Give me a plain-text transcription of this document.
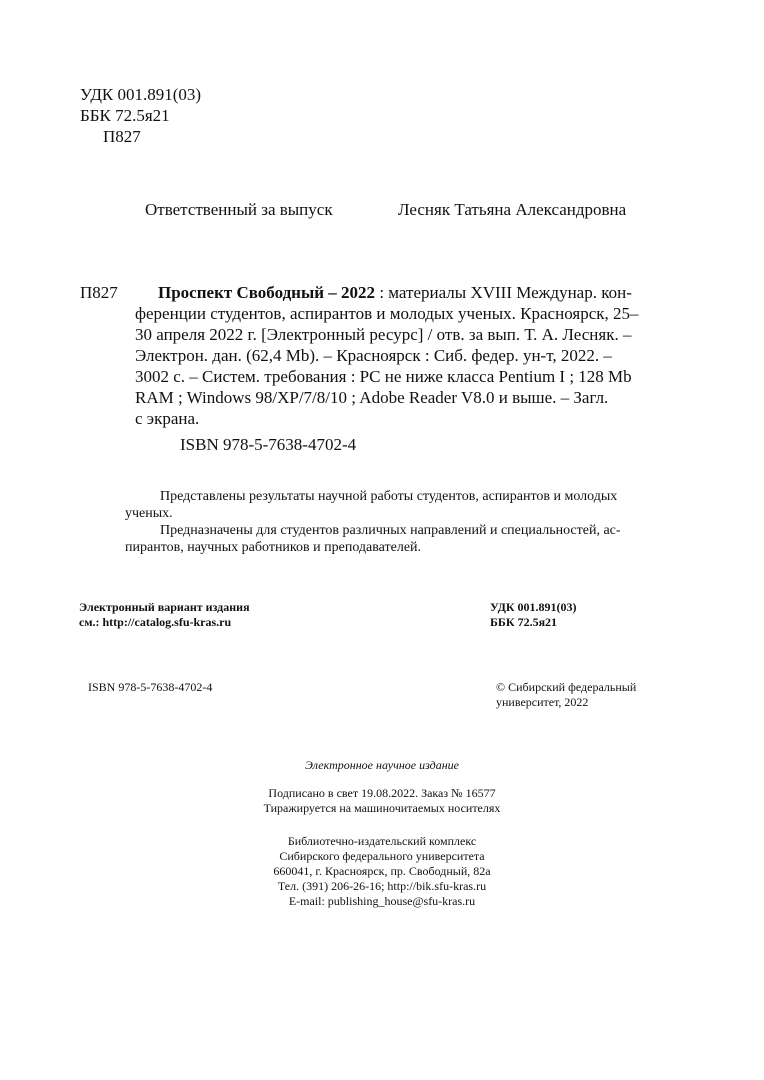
УДК 001.891(03)
ББК 72.5я21
П827
Ответственный за выпуск	Лесняк Татьяна Александровна
П827 Проспект Свободный – 2022 : материалы XVIII Междунар. кон-
ференции студентов, аспирантов и молодых ученых. Красноярск, 25–
30 апреля 2022 г. [Электронный ресурс] / отв. за вып. Т. А. Лесняк. –
Электрон. дан. (62,4 Mb). – Красноярск : Сиб. федер. ун-т, 2022. –
3002 с. – Систем. требования : PC не ниже класса Pentium I ; 128 Mb
RAM ; Windows 98/XP/7/8/10 ; Adobe Reader V8.0 и выше. – Загл.
с экрана.
ISBN 978-5-7638-4702-4
Представлены результаты научной работы студентов, аспирантов и молодых
ученых.
Предназначены для студентов различных направлений и специальностей, ас-
пирантов, научных работников и преподавателей.
Электронный вариант издания
см.: http://catalog.sfu-kras.ru
УДК 001.891(03)
ББК 72.5я21
ISBN 978-5-7638-4702-4	© Сибирский федеральный
университет, 2022
Электронное научное издание
Подписано в свет 19.08.2022. Заказ № 16577
Тиражируется на машиночитаемых носителях
Библиотечно-издательский комплекс
Сибирского федерального университета
660041, г. Красноярск, пр. Свободный, 82а
Тел. (391) 206-26-16; http://bik.sfu-kras.ru
E-mail: publishing_house@sfu-kras.ru
